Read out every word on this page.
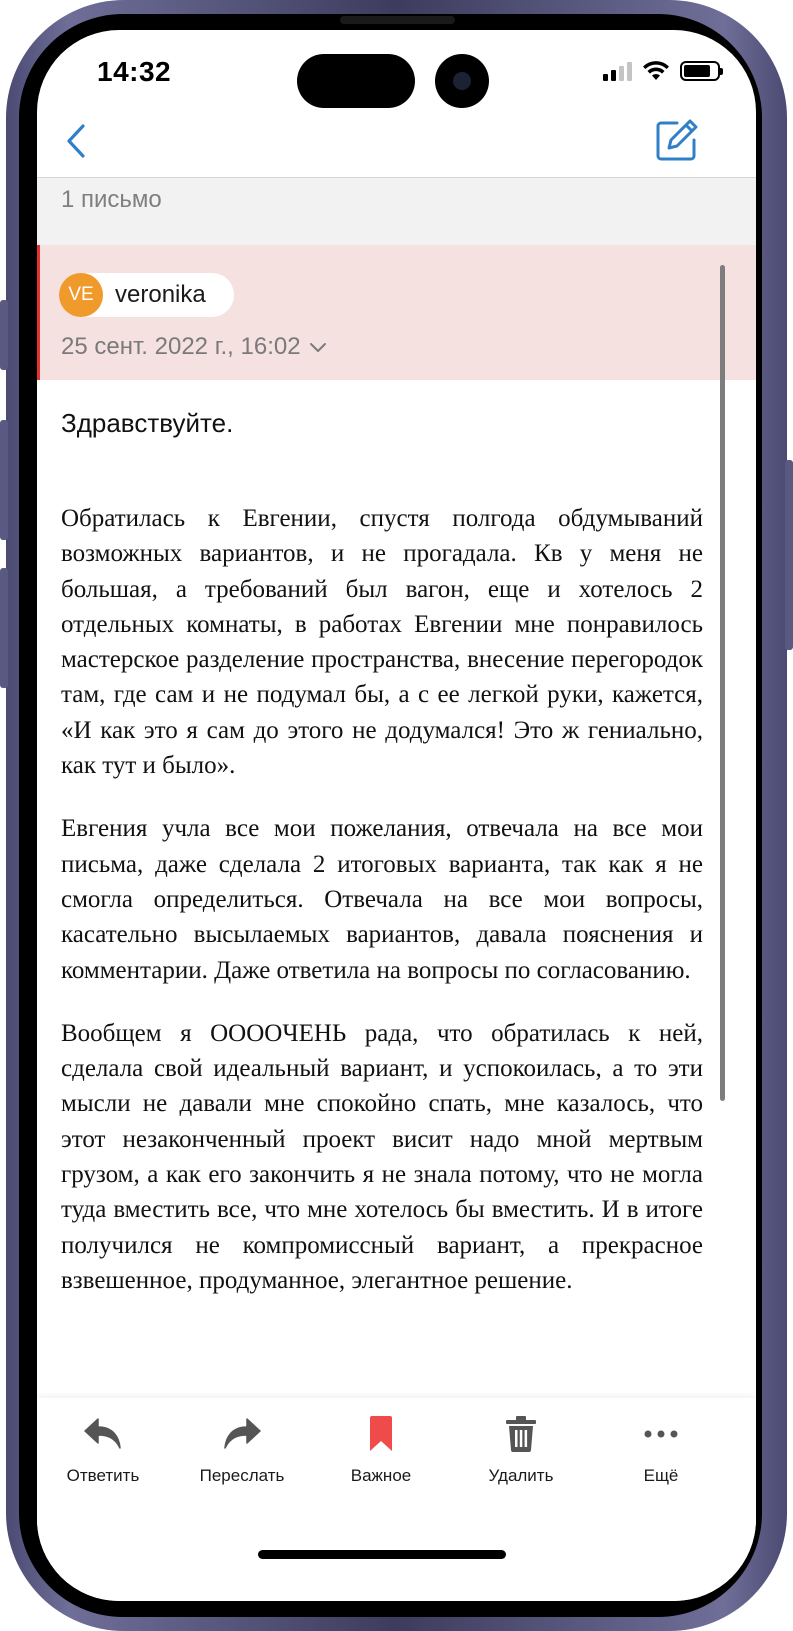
14:32
1 письмо
VE veronika
25 сент. 2022 г., 16:02
Здравствуйте.

Обратилась к Евгении, спустя полгода обдумываний возможных вариантов, и не прогадала. Кв у меня не большая, а требований был вагон, еще и хотелось 2 отдельных комнаты, в работах Евгении мне понравилось мастерское разделение пространства, внесение перегородок там, где сам и не подумал бы, а с ее легкой руки, кажется, «И как это я сам до этого не додумался! Это ж гениально, как тут и было».

Евгения учла все мои пожелания, отвечала на все мои письма, даже сделала 2 итоговых варианта, так как я не смогла определиться. Отвечала на все мои вопросы, касательно высылаемых вариантов, давала пояснения и комментарии. Даже ответила на вопросы по согласованию.

Вообщем я ОООOЧЕНЬ рада, что обратилась к ней, сделала свой идеальный вариант, и успокоилась, а то эти мысли не давали мне спокойно спать, мне казалось, что этот незаконченный проект висит надо мной мертвым грузом, а как его закончить я не знала потому, что не могла туда вместить все, что мне хотелось бы вместить. И в итоге получился не компромиссный вариант, а прекрасное взвешенное, продуманное, элегантное решение.

Ответить	Переслать	Важное	Удалить	Ещё
